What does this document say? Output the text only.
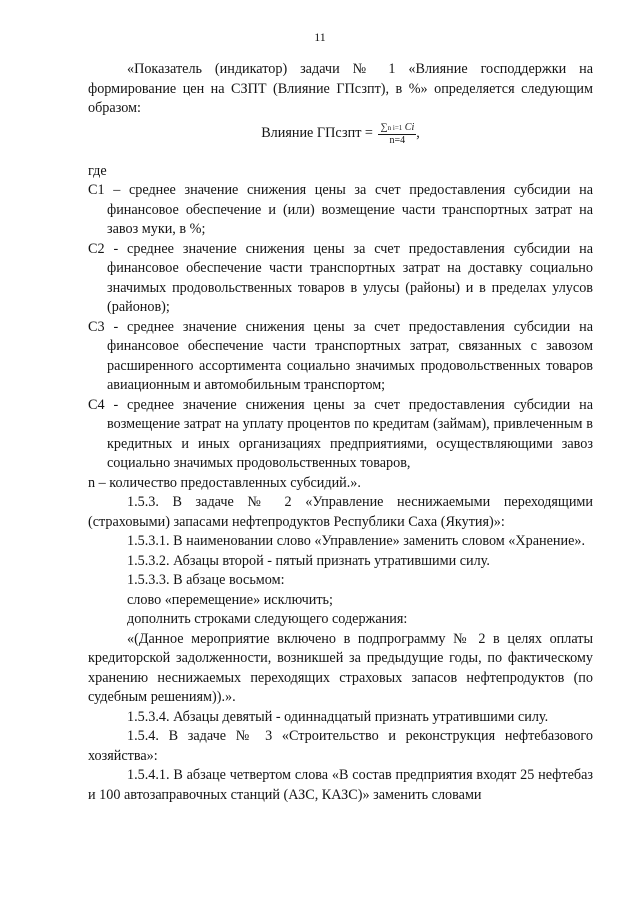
11

«Показатель (индикатор) задачи № 1 «Влияние господдержки на формирование цен на СЗПТ (Влияние ГПсзпт), в %» определяется следующим образом:

Влияние ГПсзпт = $\frac{\text{∑n i=1 Ci}}{n=4}$ ,

где

С1 – среднее значение снижения цены за счет предоставления субсидии на финансовое обеспечение и (или) возмещение части транспортных затрат на завоз муки, в %;

С2 - среднее значение снижения цены за счет предоставления субсидии на финансовое обеспечение части транспортных затрат на доставку социально значимых продовольственных товаров в улусы (районы) и в пределах улусов (районов);

С3 - среднее значение снижения цены за счет предоставления субсидии на финансовое обеспечение части транспортных затрат, связанных с завозом расширенного ассортимента социально значимых продовольственных товаров авиационным и автомобильным транспортом;

С4 - среднее значение снижения цены за счет предоставления субсидии на возмещение затрат на уплату процентов по кредитам (займам), привлеченным в кредитных и иных организациях предприятиями, осуществляющими завоз социально значимых продовольственных товаров,

n – количество предоставленных субсидий.».

1.5.3. В задаче № 2 «Управление неснижаемыми переходящими (страховыми) запасами нефтепродуктов Республики Саха (Якутия)»:

1.5.3.1. В наименовании слово «Управление» заменить словом «Хранение».

1.5.3.2. Абзацы второй - пятый признать утратившими силу.

1.5.3.3. В абзаце восьмом:

слово «перемещение» исключить;

дополнить строками следующего содержания:

«(Данное мероприятие включено в подпрограмму № 2 в целях оплаты кредиторской задолженности, возникшей за предыдущие годы, по фактическому хранению неснижаемых переходящих страховых запасов нефтепродуктов (по судебным решениям)).».

1.5.3.4. Абзацы девятый - одиннадцатый признать утратившими силу.

1.5.4. В задаче № 3 «Строительство и реконструкция нефтебазового хозяйства»:

1.5.4.1. В абзаце четвертом слова «В состав предприятия входят 25 нефтебаз и 100 автозаправочных станций (АЗС, КАЗС)» заменить словами
